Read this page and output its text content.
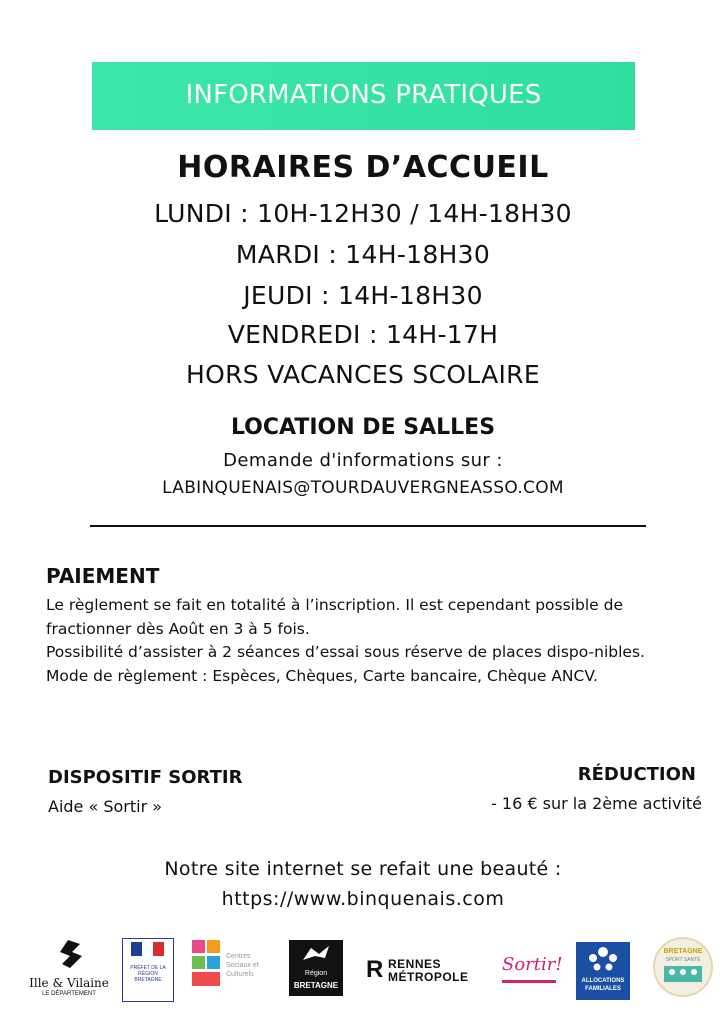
INFORMATIONS PRATIQUES
HORAIRES D’ACCUEIL
LUNDI : 10H-12H30 / 14H-18H30
MARDI : 14H-18H30
JEUDI : 14H-18H30
VENDREDI : 14H-17H
HORS VACANCES SCOLAIRE
LOCATION DE SALLES
Demande d'informations sur :
LABINQUENAIS@TOURDAUVERGNEASSO.COM
PAIEMENT

Le règlement se fait en totalité à l’inscription. Il est cependant possible de fractionner dès Août en 3 à 5 fois.

Possibilité d’assister à 2 séances d’essai sous réserve de places dispo-nibles.

Mode de règlement : Espèces, Chèques, Carte bancaire, Chèque ANCV.

DISPOSITIF SORTIR
Aide « Sortir »
RÉDUCTION
- 16 € sur la 2ème activité
Notre site internet se refait une beauté :
https://www.binquenais.com
Ille & Vilaine
LE DÉPARTEMENT
PRÉFET DE LA RÉGION BRETAGNE
Centres Sociaux et Culturels	Région
BRETAGNE
R RENNES
MÉTROPOLE
Sortir!
ALLOCATIONS
FAMILIALES
BRETAGNE
SPORT SANTÉ
